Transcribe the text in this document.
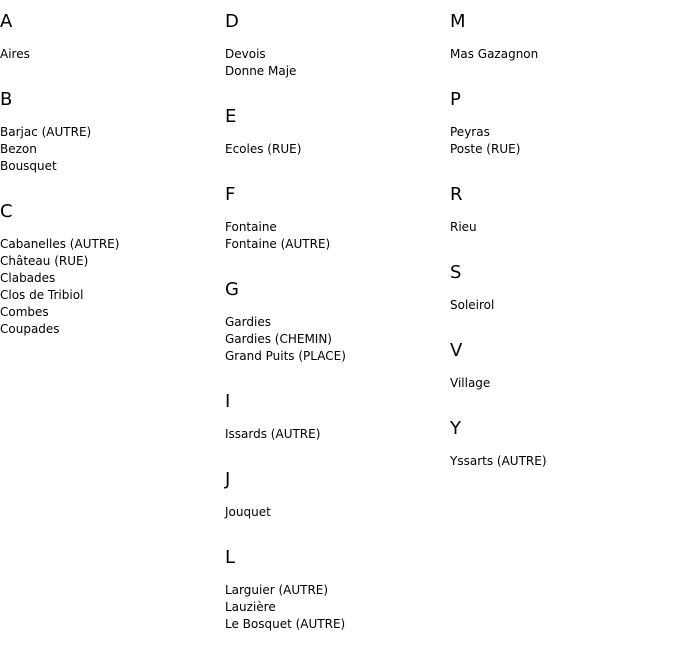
A
Aires
B
Barjac (AUTRE)
Bezon
Bousquet
C
Cabanelles (AUTRE)
Château (RUE)
Clabades
Clos de Tribiol
Combes
Coupades
D
Devois
Donne Maje
E
Ecoles (RUE)
F
Fontaine
Fontaine (AUTRE)
G
Gardies
Gardies (CHEMIN)
Grand Puits (PLACE)
I
Issards (AUTRE)
J
Jouquet
L
Larguier (AUTRE)
Lauzière
Le Bosquet (AUTRE)
M
Mas Gazagnon
P
Peyras
Poste (RUE)
R
Rieu
S
Soleirol
V
Village
Y
Yssarts (AUTRE)
